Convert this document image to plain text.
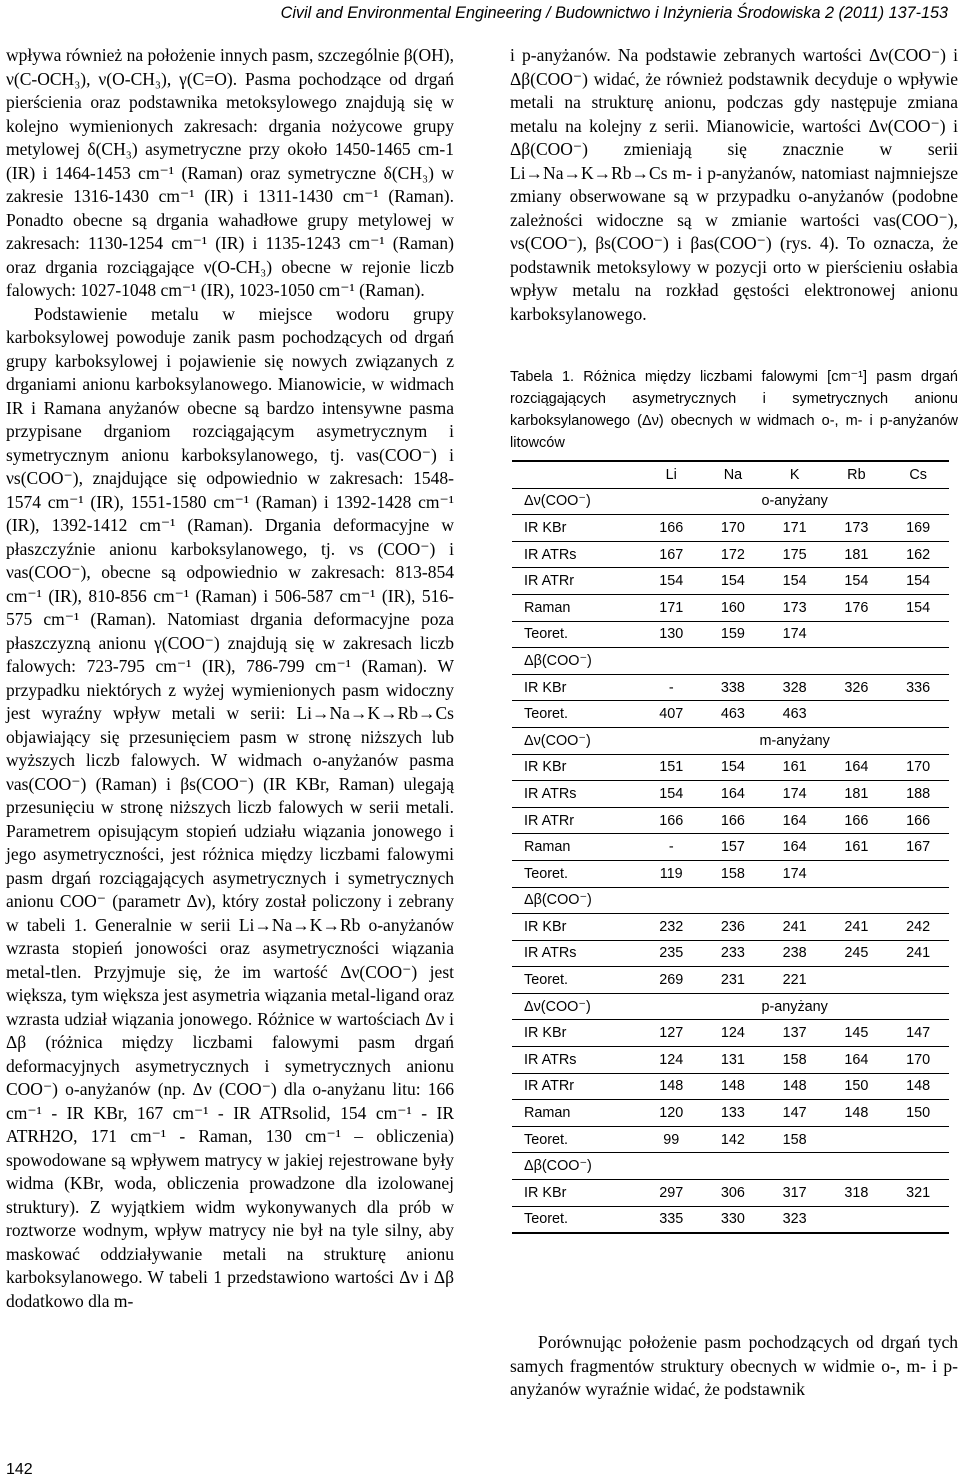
Civil and Environmental Engineering / Budownictwo i Inżynieria Środowiska 2 (2011) 137-153

wpływa również na położenie innych pasm, szczególnie β(OH), ν(C-OCH₃), ν(O-CH₃), γ(C=O). Pasma pochodzące od drgań pierścienia oraz podstawnika metoksylowego znajdują się w kolejno wymienionych zakresach: drgania nożycowe grupy metylowej δ(CH₃) asymetryczne przy około 1450-1465 cm-1 (IR) i 1464-1453 cm⁻¹ (Raman) oraz symetryczne δ(CH₃) w zakresie 1316-1430 cm⁻¹ (IR) i 1311-1430 cm⁻¹ (Raman). Ponadto obecne są drgania wahadłowe grupy metylowej w zakresach: 1130-1254 cm⁻¹ (IR) i 1135-1243 cm⁻¹ (Raman) oraz drgania rozciągające ν(O-CH₃) obecne w rejonie liczb falowych: 1027-1048 cm⁻¹ (IR), 1023-1050 cm⁻¹ (Raman).

Podstawienie metalu w miejsce wodoru grupy karboksylowej powoduje zanik pasm pochodzących od drgań grupy karboksylowej i pojawienie się nowych związanych z drganiami anionu karboksylanowego. Mianowicie, w widmach IR i Ramana anyżanów obecne są bardzo intensywne pasma przypisane drganiom rozciągającym asymetrycznym i symetrycznym anionu karboksylanowego, tj. νas(COO⁻) i νs(COO⁻), znajdujące się odpowiednio w zakresach: 1548-1574 cm⁻¹ (IR), 1551-1580 cm⁻¹ (Raman) i 1392-1428 cm⁻¹ (IR), 1392-1412 cm⁻¹ (Raman). Drgania deformacyjne w płaszczyźnie anionu karboksylanowego, tj. νs (COO⁻) i νas(COO⁻), obecne są odpowiednio w zakresach: 813-854 cm⁻¹ (IR), 810-856 cm⁻¹ (Raman) i 506-587 cm⁻¹ (IR), 516-575 cm⁻¹ (Raman). Natomiast drgania deformacyjne poza płaszczyzną anionu γ(COO⁻) znajdują się w zakresach liczb falowych: 723-795 cm⁻¹ (IR), 786-799 cm⁻¹ (Raman). W przypadku niektórych z wyżej wymienionych pasm widoczny jest wyraźny wpływ metali w serii: Li→Na→K→Rb→Cs objawiający się przesunięciem pasm w stronę niższych lub wyższych liczb falowych. W widmach o-anyżanów pasma νas(COO⁻) (Raman) i βs(COO⁻) (IR KBr, Raman) ulegają przesunięciu w stronę niższych liczb falowych w serii metali. Parametrem opisującym stopień udziału wiązania jonowego i jego asymetryczności, jest różnica między liczbami falowymi pasm drgań rozciągających asymetrycznych i symetrycznych anionu COO⁻ (parametr Δν), który został policzony i zebrany w tabeli 1. Generalnie w serii Li→Na→K→Rb o-anyżanów wzrasta stopień jonowości oraz asymetryczności wiązania metal-tlen. Przyjmuje się, że im wartość Δν(COO⁻) jest większa, tym większa jest asymetria wiązania metal-ligand oraz wzrasta udział wiązania jonowego. Różnice w wartościach Δν i Δβ (różnica między liczbami falowymi pasm drgań deformacyjnych asymetrycznych i symetrycznych anionu COO⁻) o-anyżanów (np. Δν (COO⁻) dla o-anyżanu litu: 166 cm⁻¹ - IR KBr, 167 cm⁻¹ - IR ATRsolid, 154 cm⁻¹ - IR ATRH2O, 171 cm⁻¹ - Raman, 130 cm⁻¹ – obliczenia) spowodowane są wpływem matrycy w jakiej rejestrowane były widma (KBr, woda, obliczenia prowadzone dla izolowanej struktury). Z wyjątkiem widm wykonywanych dla prób w roztworze wodnym, wpływ matrycy nie był na tyle silny, aby maskować oddziaływanie metali na strukturę anionu karboksylanowego. W tabeli 1 przedstawiono wartości Δν i Δβ dodatkowo dla m-

i p-anyżanów. Na podstawie zebranych wartości Δν(COO⁻) i Δβ(COO⁻) widać, że również podstawnik decyduje o wpływie metali na strukturę anionu, podczas gdy następuje zmiana metalu na kolejny z serii. Mianowicie, wartości Δν(COO⁻) i Δβ(COO⁻) zmieniają się znacznie w serii Li→Na→K→Rb→Cs m- i p-anyżanów, natomiast najmniejsze zmiany obserwowane są w przypadku o-anyżanów (podobne zależności widoczne są w zmianie wartości νas(COO⁻), νs(COO⁻), βs(COO⁻) i βas(COO⁻) (rys. 4). To oznacza, że podstawnik metoksylowy w pozycji orto w pierścieniu osłabia wpływ metalu na rozkład gęstości elektronowej anionu karboksylanowego.

Tabela 1. Różnica między liczbami falowymi [cm⁻¹] pasm drgań rozciągających asymetrycznych i symetrycznych anionu karboksylanowego (Δν) obecnych w widmach o-, m- i p-anyżanów litowców
	Li	Na	K	Rb	Cs
Δν(COO⁻)	o-anyżany				
IR KBr	166	170	171	173	169
IR ATRs	167	172	175	181	162
IR ATRr	154	154	154	154	154
Raman	171	160	173	176	154
Teoret.	130	159	174		
Δβ(COO⁻)					
IR KBr	-	338	328	326	336
Teoret.	407	463	463		
Δν(COO⁻)	m-anyżany				
IR KBr	151	154	161	164	170
IR ATRs	154	164	174	181	188
IR ATRr	166	166	164	166	166
Raman	-	157	164	161	167
Teoret.	119	158	174		
Δβ(COO⁻)					
IR KBr	232	236	241	241	242
IR ATRs	235	233	238	245	241
Teoret.	269	231	221		
Δν(COO⁻)	p-anyżany				
IR KBr	127	124	137	145	147
IR ATRs	124	131	158	164	170
IR ATRr	148	148	148	150	148
Raman	120	133	147	148	150
Teoret.	99	142	158		
Δβ(COO⁻)					
IR KBr	297	306	317	318	321
Teoret.	335	330	323		

Porównując położenie pasm pochodzących od drgań tych samych fragmentów struktury obecnych w widmie o-, m- i p-anyżanów wyraźnie widać, że podstawnik

142
